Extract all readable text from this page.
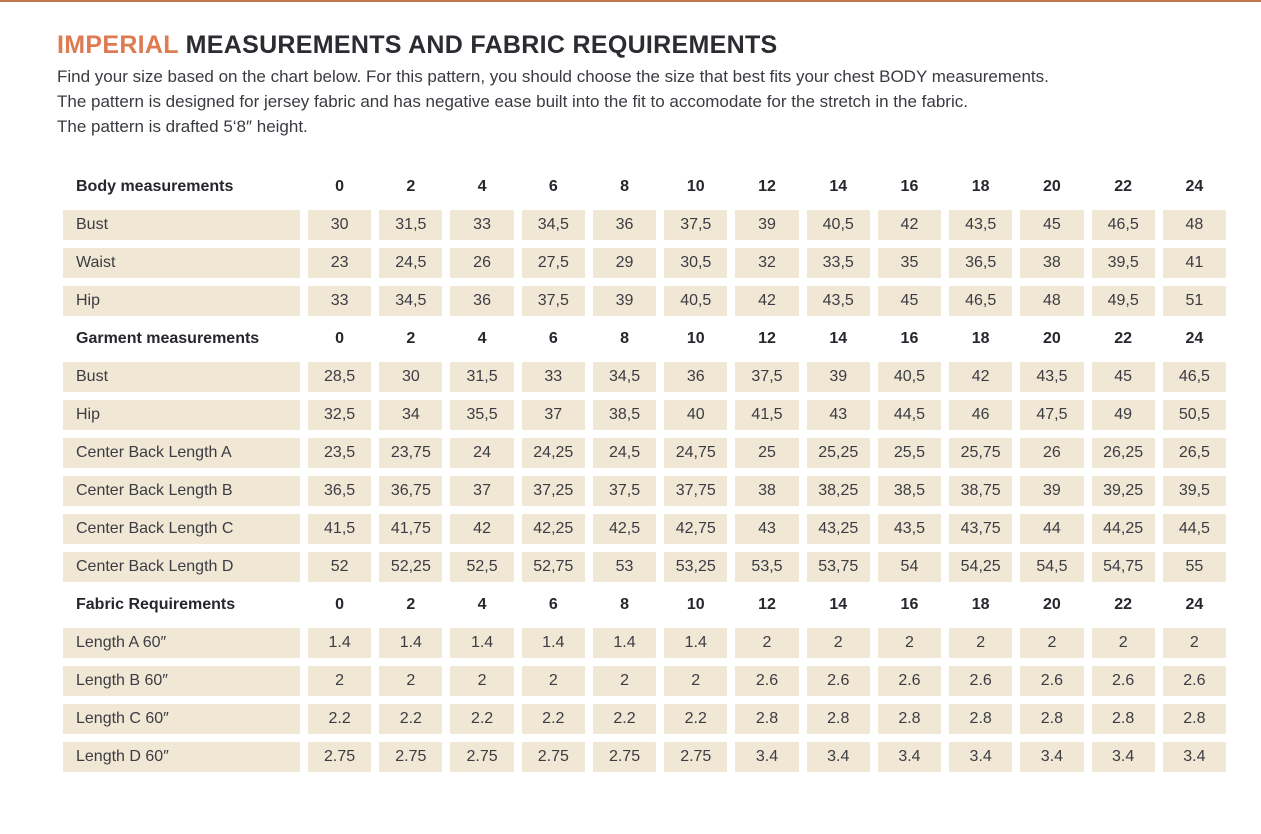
IMPERIAL MEASUREMENTS AND FABRIC REQUIREMENTS
Find your size based on the chart below. For this pattern, you should choose the size that best fits your chest BODY measurements.
The pattern is designed for jersey fabric and has negative ease built into the fit to accomodate for the stretch in the fabric.
The pattern is drafted 5‘8″ height.
Body measurements	0	2	4	6	8	10	12	14	16	18	20	22	24
Bust	30	31,5	33	34,5	36	37,5	39	40,5	42	43,5	45	46,5	48
Waist	23	24,5	26	27,5	29	30,5	32	33,5	35	36,5	38	39,5	41
Hip	33	34,5	36	37,5	39	40,5	42	43,5	45	46,5	48	49,5	51
Garment measurements	0	2	4	6	8	10	12	14	16	18	20	22	24
Bust	28,5	30	31,5	33	34,5	36	37,5	39	40,5	42	43,5	45	46,5
Hip	32,5	34	35,5	37	38,5	40	41,5	43	44,5	46	47,5	49	50,5
Center Back Length A	23,5	23,75	24	24,25	24,5	24,75	25	25,25	25,5	25,75	26	26,25	26,5
Center Back Length B	36,5	36,75	37	37,25	37,5	37,75	38	38,25	38,5	38,75	39	39,25	39,5
Center Back Length C	41,5	41,75	42	42,25	42,5	42,75	43	43,25	43,5	43,75	44	44,25	44,5
Center Back Length D	52	52,25	52,5	52,75	53	53,25	53,5	53,75	54	54,25	54,5	54,75	55
Fabric Requirements	0	2	4	6	8	10	12	14	16	18	20	22	24
Length A 60″	1.4	1.4	1.4	1.4	1.4	1.4	2	2	2	2	2	2	2
Length B 60″	2	2	2	2	2	2	2.6	2.6	2.6	2.6	2.6	2.6	2.6
Length C 60″	2.2	2.2	2.2	2.2	2.2	2.2	2.8	2.8	2.8	2.8	2.8	2.8	2.8
Length D 60″	2.75	2.75	2.75	2.75	2.75	2.75	3.4	3.4	3.4	3.4	3.4	3.4	3.4
